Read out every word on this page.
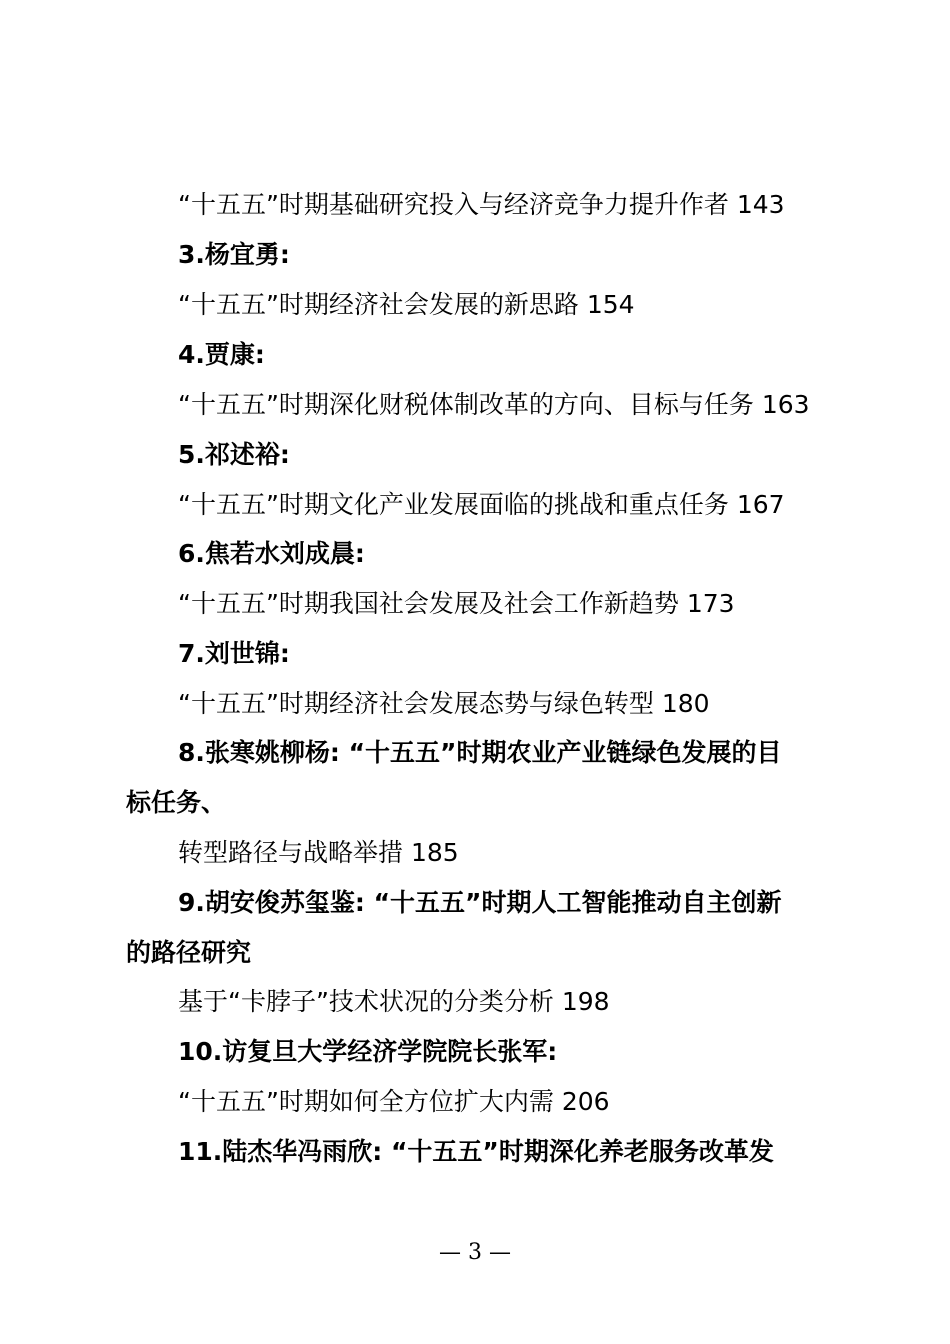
“十五五”时期基础研究投入与经济竞争力提升作者 143
3.杨宜勇:
“十五五”时期经济社会发展的新思路 154
4.贾康:
“十五五”时期深化财税体制改革的方向、目标与任务 163
5.祁述裕:
“十五五”时期文化产业发展面临的挑战和重点任务 167
6.焦若水刘成晨:
“十五五”时期我国社会发展及社会工作新趋势 173
7.刘世锦:
“十五五”时期经济社会发展态势与绿色转型 180
8.张寒姚柳杨: “十五五”时期农业产业链绿色发展的目
标任务、
转型路径与战略举措 185
9.胡安俊苏玺鉴: “十五五”时期人工智能推动自主创新
的路径研究
基于“卡脖子”技术状况的分类分析 198
10.访复旦大学经济学院院长张军:
“十五五”时期如何全方位扩大内需 206
11.陆杰华冯雨欣: “十五五”时期深化养老服务改革发
— 3 —
